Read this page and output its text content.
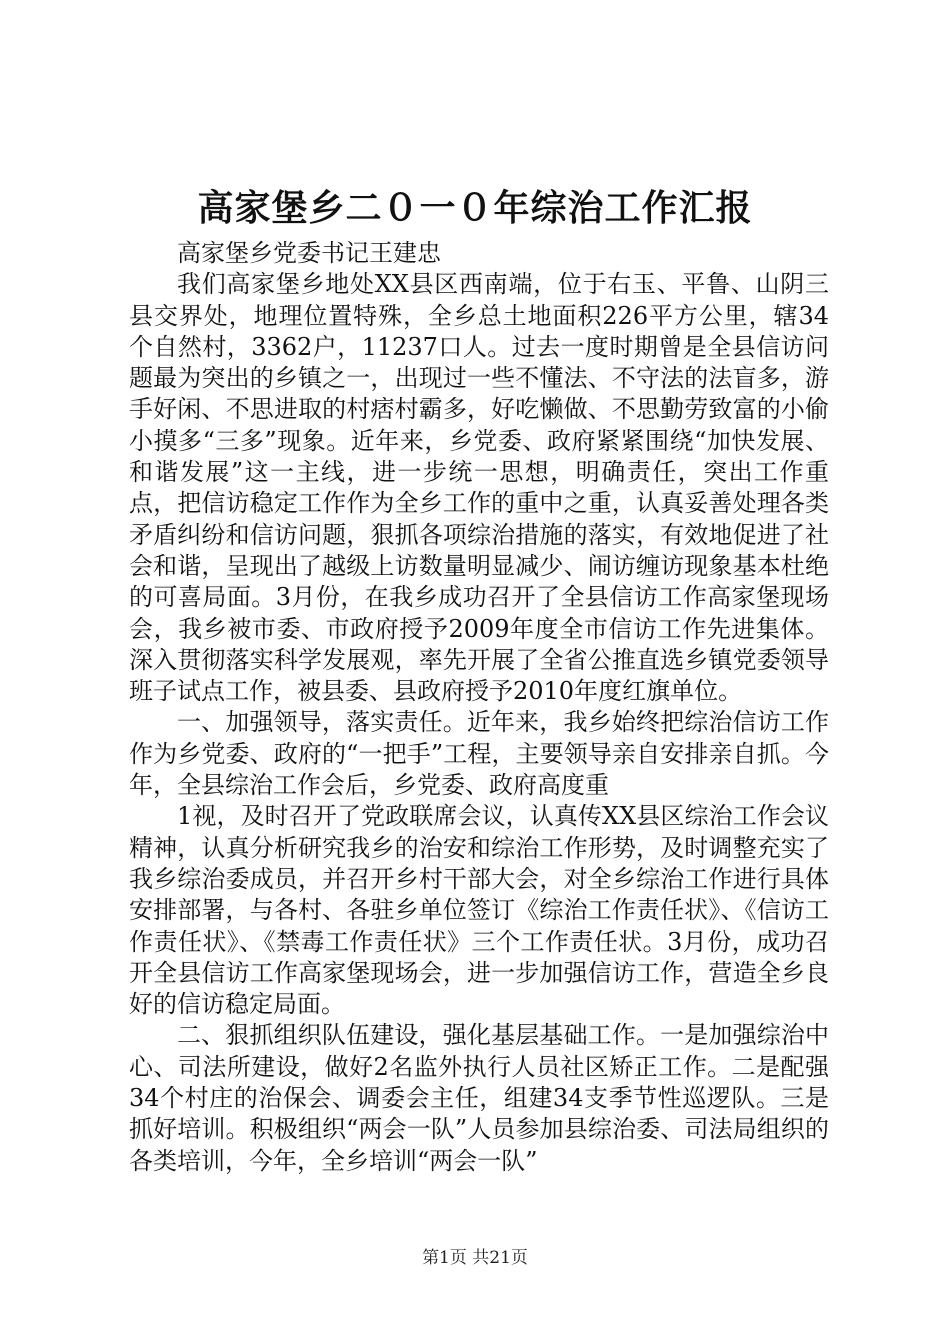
高家堡乡二０一０年综治工作汇报

高家堡乡党委书记王建忠

我们高家堡乡地处XX县区西南端，位于右玉、平鲁、山阴三县交界处，地理位置特殊，全乡总土地面积226平方公里，辖34个自然村，3362户，11237口人。过去一度时期曾是全县信访问题最为突出的乡镇之一，出现过一些不懂法、不守法的法盲多，游手好闲、不思进取的村痞村霸多，好吃懒做、不思勤劳致富的小偷小摸多“三多”现象。近年来，乡党委、政府紧紧围绕“加快发展、和谐发展”这一主线，进一步统一思想，明确责任，突出工作重点，把信访稳定工作作为全乡工作的重中之重，认真妥善处理各类矛盾纠纷和信访问题，狠抓各项综治措施的落实，有效地促进了社会和谐，呈现出了越级上访数量明显减少、闹访缠访现象基本杜绝的可喜局面。3月份，在我乡成功召开了全县信访工作高家堡现场会，我乡被市委、市政府授予2009年度全市信访工作先进集体。深入贯彻落实科学发展观，率先开展了全省公推直选乡镇党委领导班子试点工作，被县委、县政府授予2010年度红旗单位。

一、加强领导，落实责任。近年来，我乡始终把综治信访工作作为乡党委、政府的“一把手”工程，主要领导亲自安排亲自抓。今年，全县综治工作会后，乡党委、政府高度重

1视，及时召开了党政联席会议，认真传XX县区综治工作会议精神，认真分析研究我乡的治安和综治工作形势，及时调整充实了我乡综治委成员，并召开乡村干部大会，对全乡综治工作进行具体安排部署，与各村、各驻乡单位签订《综治工作责任状》、《信访工作责任状》、《禁毒工作责任状》三个工作责任状。3月份，成功召开全县信访工作高家堡现场会，进一步加强信访工作，营造全乡良好的信访稳定局面。

二、狠抓组织队伍建设，强化基层基础工作。一是加强综治中心、司法所建设，做好2名监外执行人员社区矫正工作。二是配强34个村庄的治保会、调委会主任，组建34支季节性巡逻队。三是抓好培训。积极组织“两会一队”人员参加县综治委、司法局组织的各类培训，今年，全乡培训“两会一队”

第1页 共21页
